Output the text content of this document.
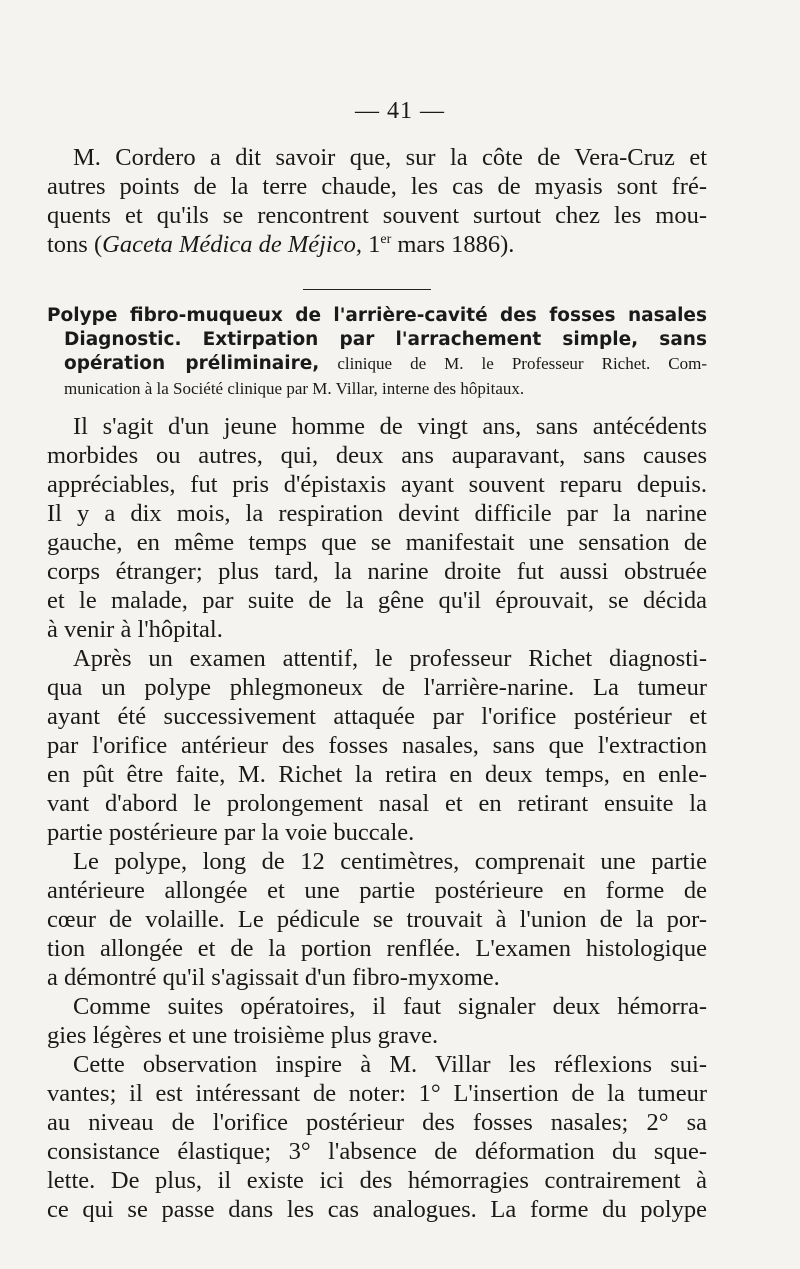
— 41 —
M. Cordero a dit savoir que, sur la côte de Vera-Cruz et
autres points de la terre chaude, les cas de myasis sont fré-
quents et qu'ils se rencontrent souvent surtout chez les mou-
tons (Gaceta Médica de Méjico, 1er mars 1886).
Polype fibro-muqueux de l'arrière-cavité des fosses nasales
Diagnostic. Extirpation par l'arrachement simple, sans
opération préliminaire, clinique de M. le Professeur Richet. Com-
munication à la Société clinique par M. Villar, interne des hôpitaux.
Il s'agit d'un jeune homme de vingt ans, sans antécédents
morbides ou autres, qui, deux ans auparavant, sans causes
appréciables, fut pris d'épistaxis ayant souvent reparu depuis.
Il y a dix mois, la respiration devint difficile par la narine
gauche, en même temps que se manifestait une sensation de
corps étranger; plus tard, la narine droite fut aussi obstruée
et le malade, par suite de la gêne qu'il éprouvait, se décida
à venir à l'hôpital.
Après un examen attentif, le professeur Richet diagnosti-
qua un polype phlegmoneux de l'arrière-narine. La tumeur
ayant été successivement attaquée par l'orifice postérieur et
par l'orifice antérieur des fosses nasales, sans que l'extraction
en pût être faite, M. Richet la retira en deux temps, en enle-
vant d'abord le prolongement nasal et en retirant ensuite la
partie postérieure par la voie buccale.
Le polype, long de 12 centimètres, comprenait une partie
antérieure allongée et une partie postérieure en forme de
cœur de volaille. Le pédicule se trouvait à l'union de la por-
tion allongée et de la portion renflée. L'examen histologique
a démontré qu'il s'agissait d'un fibro-myxome.
Comme suites opératoires, il faut signaler deux hémorra-
gies légères et une troisième plus grave.
Cette observation inspire à M. Villar les réflexions sui-
vantes; il est intéressant de noter: 1° L'insertion de la tumeur
au niveau de l'orifice postérieur des fosses nasales; 2° sa
consistance élastique; 3° l'absence de déformation du sque-
lette. De plus, il existe ici des hémorragies contrairement à
ce qui se passe dans les cas analogues. La forme du polype
